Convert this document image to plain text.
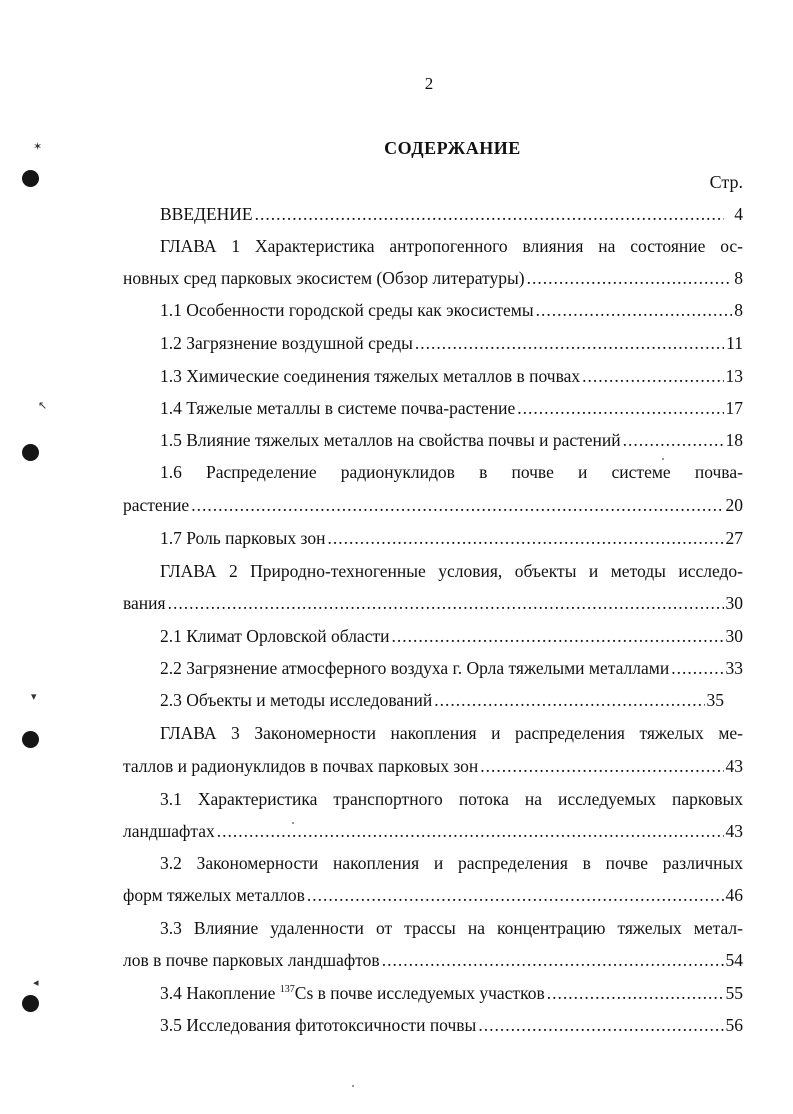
2
СОДЕРЖАНИЕ
Стр.
✶
↖
▾
◂
ВВЕДЕНИЕ .....	4
ГЛАВА 1 Характеристика антропогенного влияния на состояние ос-
новных сред парковых экосистем (Обзор литературы) .....	8
1.1 Особенности городской среды как экосистемы .....	8
1.2 Загрязнение воздушной среды .....	11
1.3 Химические соединения тяжелых металлов в почвах .....	13
1.4 Тяжелые металлы в системе почва-растение .....	17
1.5 Влияние тяжелых металлов на свойства почвы и растений .....	18
1.6 Распределение радионуклидов в почве и системе почва-
растение .....	20
1.7 Роль парковых зон .....	27
ГЛАВА 2 Природно-техногенные условия, объекты и методы исследо-
вания .....	30
2.1 Климат Орловской области .....	30
2.2 Загрязнение атмосферного воздуха г. Орла тяжелыми металлами .....	33
2.3 Объекты и методы исследований .....	35
ГЛАВА 3 Закономерности накопления и распределения тяжелых ме-
таллов и радионуклидов в почвах парковых зон .....	43
3.1 Характеристика транспортного потока на исследуемых парковых
ландшафтах .....	43
3.2 Закономерности накопления и распределения в почве различных
форм тяжелых металлов .....	46
3.3 Влияние удаленности от трассы на концентрацию тяжелых метал-
лов в почве парковых ландшафтов .....	54
3.4 Накопление $^{137}$Cs в почве исследуемых участков .....	55
3.5 Исследования фитотоксичности почвы .....	56
